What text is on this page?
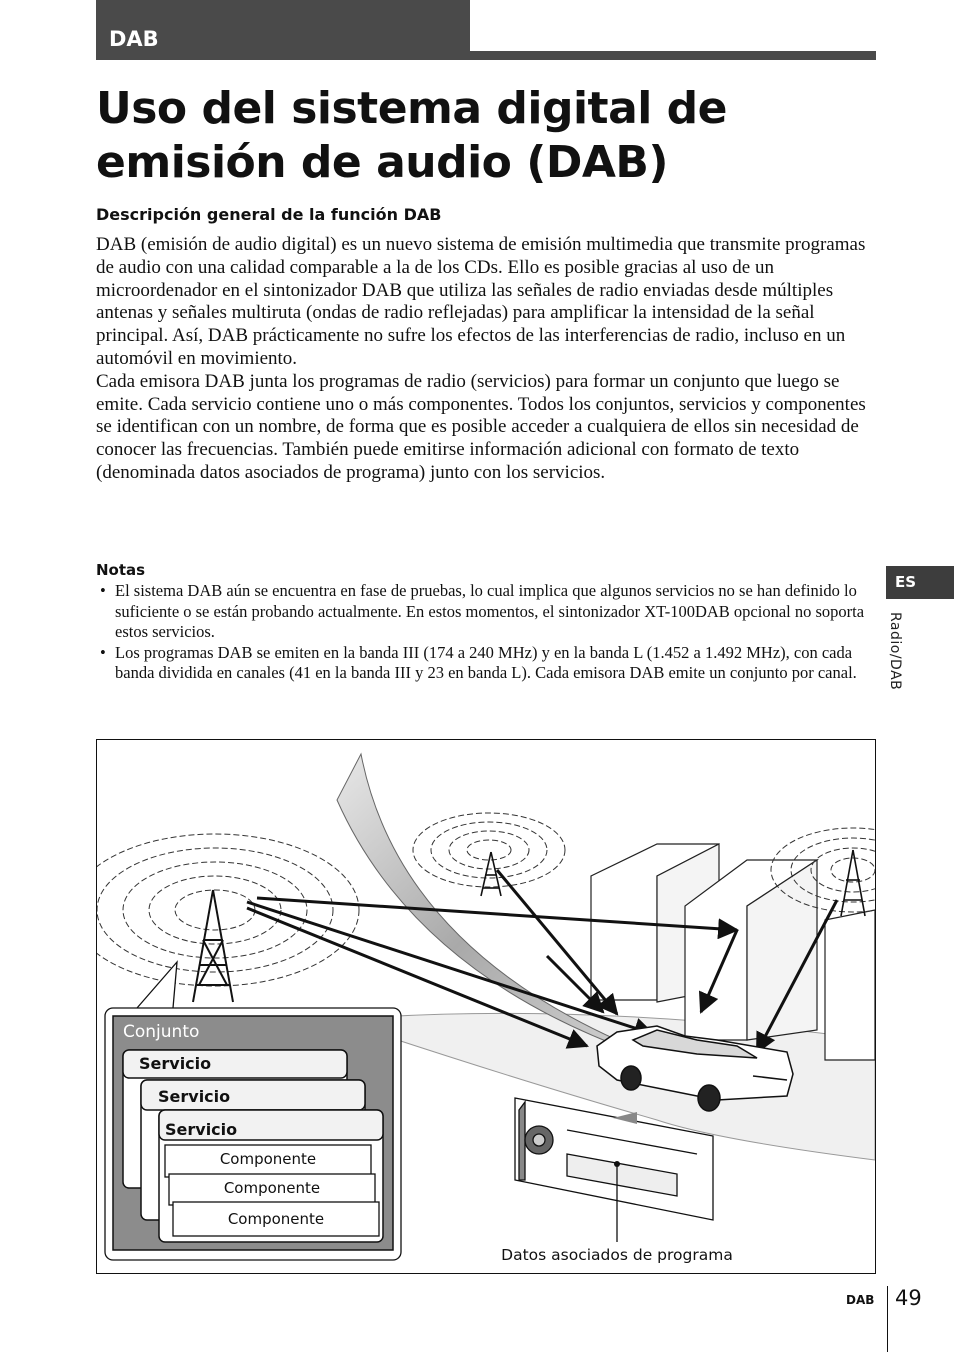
DAB
Uso del sistema digital de emisión de audio (DAB)
Descripción general de la función DAB

DAB (emisión de audio digital) es un nuevo sistema de emisión multimedia que transmite programas de audio con una calidad comparable a la de los CDs. Ello es posible gracias al uso de un microordenador en el sintonizador DAB que utiliza las señales de radio enviadas desde múltiples antenas y señales multiruta (ondas de radio reflejadas) para amplificar la intensidad de la señal principal. Así, DAB prácticamente no sufre los efectos de las interferencias de radio, incluso en un automóvil en movimiento.

Cada emisora DAB junta los programas de radio (servicios) para formar un conjunto que luego se emite. Cada servicio contiene uno o más componentes. Todos los conjuntos, servicios y componentes se identifican con un nombre, de forma que es posible acceder a cualquiera de ellos sin necesidad de conocer las frecuencias. También puede emitirse información adicional con formato de texto (denominada datos asociados de programa) junto con los servicios.

Notas
• El sistema DAB aún se encuentra en fase de pruebas, lo cual implica que algunos servicios no se han definido lo suficiente o se están probando actualmente. En estos momentos, el sintonizador XT-100DAB opcional no soporta estos servicios.
• Los programas DAB se emiten en la banda III (174 a 240 MHz) y en la banda L (1.452 a 1.492 MHz), con cada banda dividida en canales (41 en la banda III y 23 en banda L). Cada emisora DAB emite un conjunto por canal.
ES
Radio/DAB
Conjunto
Servicio
Servicio
Servicio
Componente
Componente
Componente
Datos asociados de programa
DAB 49
